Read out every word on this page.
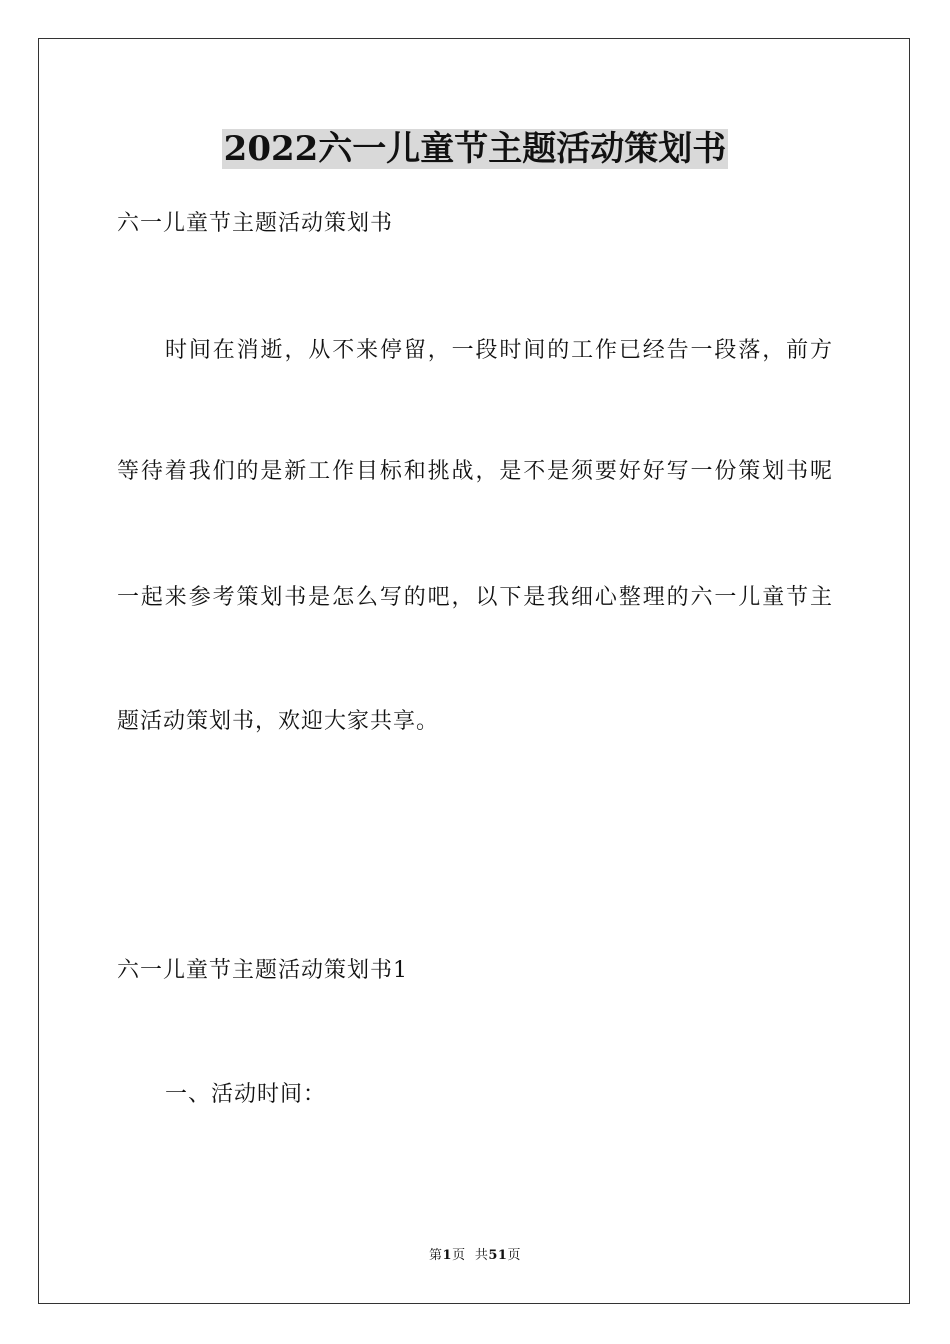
2022六一儿童节主题活动策划书
六一儿童节主题活动策划书
时间在消逝，从不来停留，一段时间的工作已经告一段落，前方
等待着我们的是新工作目标和挑战，是不是须要好好写一份策划书呢
一起来参考策划书是怎么写的吧，以下是我细心整理的六一儿童节主
题活动策划书，欢迎大家共享。
六一儿童节主题活动策划书1
一、活动时间：
第1页  共51页
